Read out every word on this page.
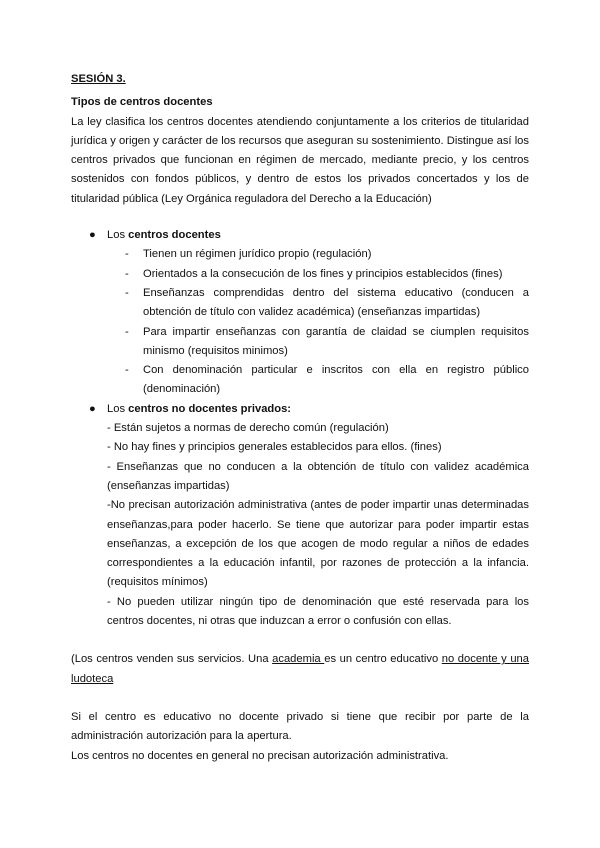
SESIÓN 3.

Tipos de centros docentes

La ley clasifica los centros docentes atendiendo conjuntamente a los criterios de titularidad jurídica y origen y carácter de los recursos que aseguran su sostenimiento. Distingue así los centros privados que funcionan en régimen de mercado, mediante precio, y los centros sostenidos con fondos públicos, y dentro de estos los privados concertados y los de titularidad pública (Ley Orgánica reguladora del Derecho a la Educación)

● Los centros docentes

- Tienen un régimen jurídico propio (regulación)
- Orientados a la consecución de los fines y principios establecidos (fines)
- Enseñanzas comprendidas dentro del sistema educativo (conducen a obtención de título con validez académica) (enseñanzas impartidas)
- Para impartir enseñanzas con garantía de claidad se ciumplen requisitos minismo (requisitos minimos)
- Con denominación particular e inscritos con ella en registro público (denominación)

● Los centros no docentes privados:

- Están sujetos a normas de derecho común (regulación)

- No hay fines y principios generales establecidos para ellos. (fines)

- Enseñanzas que no conducen a la obtención de título con validez académica (enseñanzas impartidas)

-No precisan autorización administrativa (antes de poder impartir unas determinadas enseñanzas,para poder hacerlo. Se tiene que autorizar para poder impartir estas enseñanzas, a excepción de los que acogen de modo regular a niños de edades correspondientes a la educación infantil, por razones de protección a la infancia. (requisitos mínimos)

- No pueden utilizar ningún tipo de denominación que esté reservada para los centros docentes, ni otras que induzcan a error o confusión con ellas.

(Los centros venden sus servicios. Una academia es un centro educativo no docente y una ludoteca

Si el centro es educativo no docente privado si tiene que recibir por parte de la administración autorización para la apertura.

Los centros no docentes en general no precisan autorización administrativa.
